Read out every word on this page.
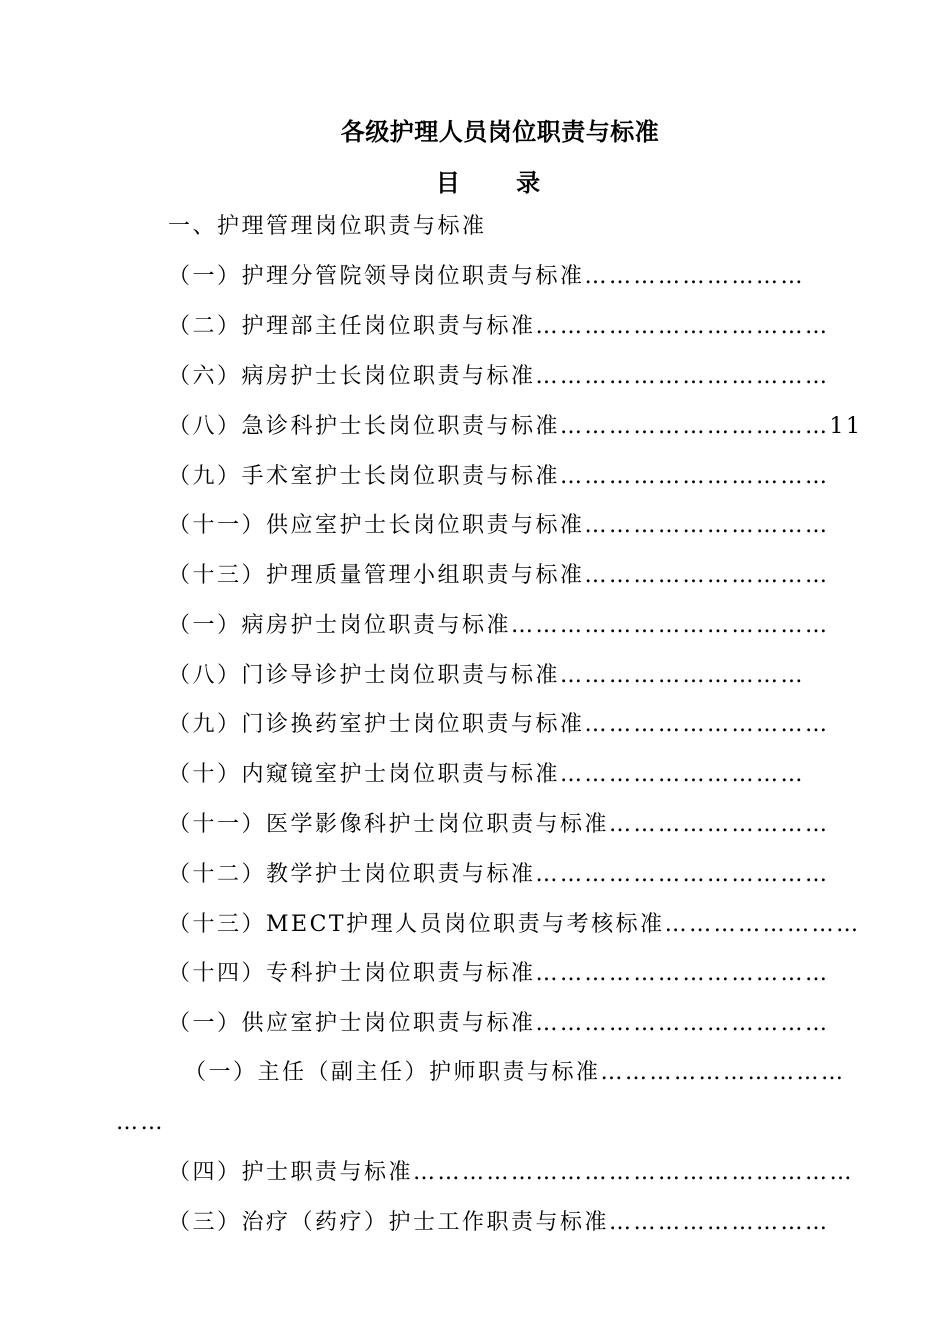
各级护理人员岗位职责与标准
目 录
一、护理管理岗位职责与标准
（一）护理分管院领导岗位职责与标准………………………
（二）护理部主任岗位职责与标准………………………………
（六）病房护士长岗位职责与标准………………………………
（八）急诊科护士长岗位职责与标准……………………………11
（九）手术室护士长岗位职责与标准……………………………
（十一）供应室护士长岗位职责与标准…………………………
（十三）护理质量管理小组职责与标准…………………………
（一）病房护士岗位职责与标准…………………………………
（八）门诊导诊护士岗位职责与标准…………………………
（九）门诊换药室护士岗位职责与标准…………………………
（十）内窥镜室护士岗位职责与标准…………………………
（十一）医学影像科护士岗位职责与标准………………………
（十二）教学护士岗位职责与标准………………………………
（十三）MECT护理人员岗位职责与考核标准……………………
（十四）专科护士岗位职责与标准………………………………
（一）供应室护士岗位职责与标准………………………………
（一）主任（副主任）护师职责与标准…………………………
……
（四）护士职责与标准………………………………………………
（三）治疗（药疗）护士工作职责与标准………………………
